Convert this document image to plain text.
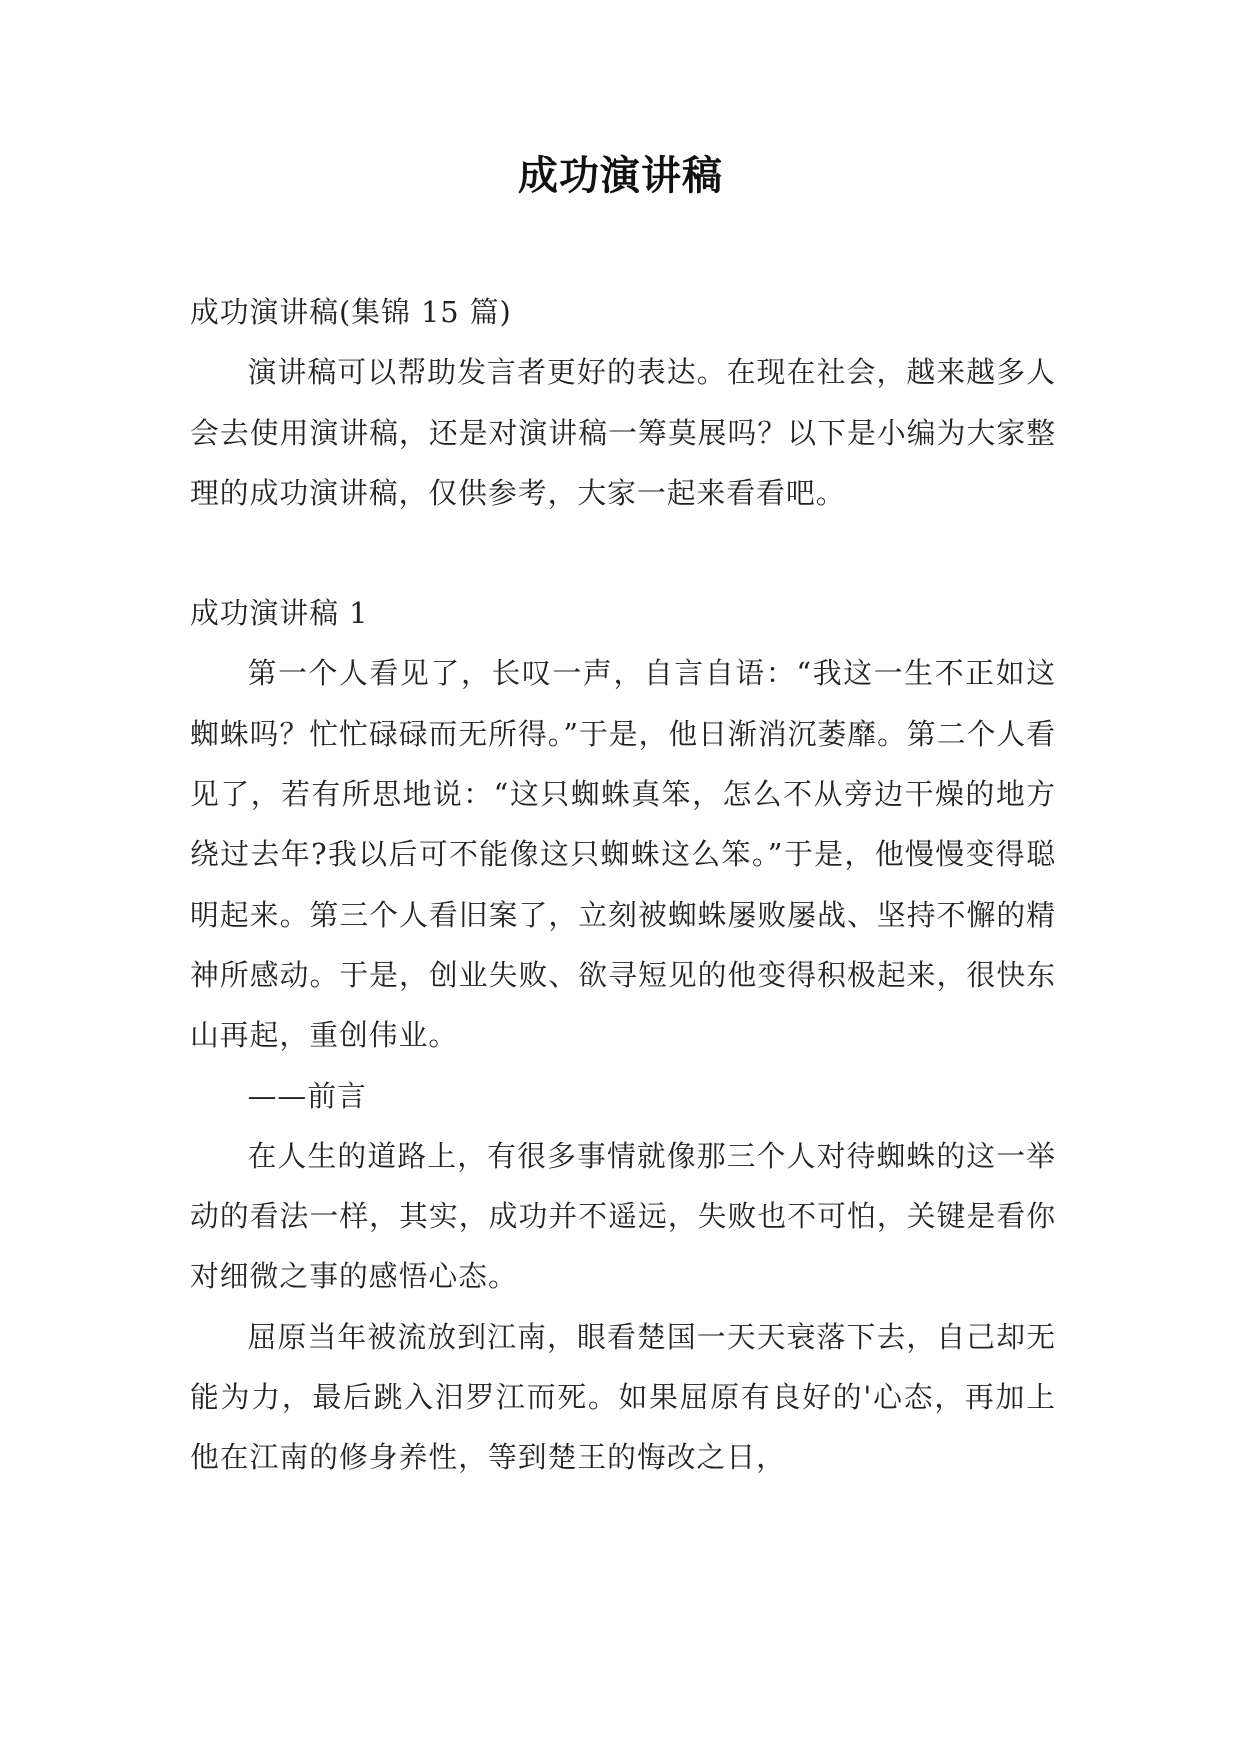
成功演讲稿

成功演讲稿(集锦 15 篇)

演讲稿可以帮助发言者更好的表达。在现在社会，越来越多人会去使用演讲稿，还是对演讲稿一筹莫展吗？以下是小编为大家整理的成功演讲稿，仅供参考，大家一起来看看吧。

成功演讲稿 1

第一个人看见了，长叹一声，自言自语：“我这一生不正如这蜘蛛吗？忙忙碌碌而无所得。”于是，他日渐消沉萎靡。第二个人看见了，若有所思地说：“这只蜘蛛真笨，怎么不从旁边干燥的地方绕过去年?我以后可不能像这只蜘蛛这么笨。”于是，他慢慢变得聪明起来。第三个人看旧案了，立刻被蜘蛛屡败屡战、坚持不懈的精神所感动。于是，创业失败、欲寻短见的他变得积极起来，很快东山再起，重创伟业。

——前言

在人生的道路上，有很多事情就像那三个人对待蜘蛛的这一举动的看法一样，其实，成功并不遥远，失败也不可怕，关键是看你对细微之事的感悟心态。

屈原当年被流放到江南，眼看楚国一天天衰落下去，自己却无能为力，最后跳入汨罗江而死。如果屈原有良好的'心态，再加上他在江南的修身养性，等到楚王的悔改之日，
